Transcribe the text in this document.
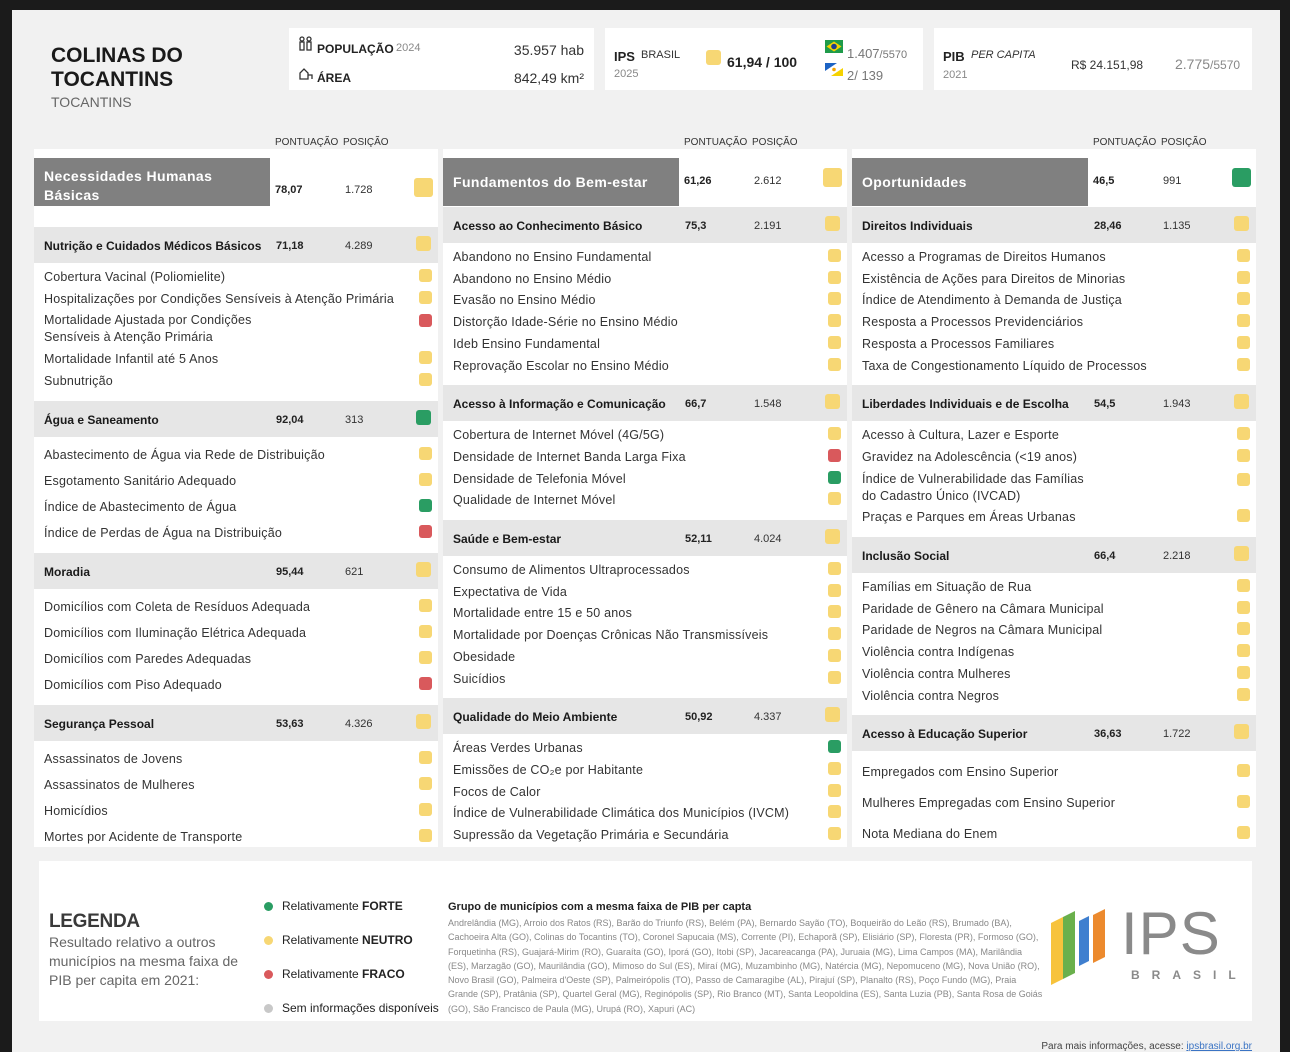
COLINAS DO TOCANTINS
TOCANTINS
POPULAÇÃO 2024	35.957 hab
ÁREA	842,49 km²
IPS BRASIL
2025
61,94 / 100
1.407/5570
2/ 139
PIB PER CAPITA
2021
R$ 24.151,98 2.775/5570
PONTUAÇÃO POSIÇÃO	PONTUAÇÃO POSIÇÃO	PONTUAÇÃO POSIÇÃO
Necessidades Humanas Básicas	78,07	1.728
Nutrição e Cuidados Médicos Básicos 71,18	4.289
Cobertura Vacinal (Poliomielite)
Hospitalizações por Condições Sensíveis à Atenção Primária
Mortalidade Ajustada por Condições Sensíveis à Atenção Primária
Mortalidade Infantil até 5 Anos
Subnutrição
Água e Saneamento	92,04	313
Abastecimento de Água via Rede de Distribuição
Esgotamento Sanitário Adequado
Índice de Abastecimento de Água
Índice de Perdas de Água na Distribuição
Moradia	95,44	621
Domicílios com Coleta de Resíduos Adequada
Domicílios com Iluminação Elétrica Adequada
Domicílios com Paredes Adequadas
Domicílios com Piso Adequado
Segurança Pessoal	53,63	4.326
Assassinatos de Jovens
Assassinatos de Mulheres
Homicídios
Mortes por Acidente de Transporte
Fundamentos do Bem-estar	61,26	2.612
Acesso ao Conhecimento Básico	75,3	2.191
Abandono no Ensino Fundamental
Abandono no Ensino Médio
Evasão no Ensino Médio
Distorção Idade-Série no Ensino Médio
Ideb Ensino Fundamental
Reprovação Escolar no Ensino Médio
Acesso à Informação e Comunicação 66,7	1.548
Cobertura de Internet Móvel (4G/5G)
Densidade de Internet Banda Larga Fixa
Densidade de Telefonia Móvel
Qualidade de Internet Móvel
Saúde e Bem-estar	52,11	4.024
Consumo de Alimentos Ultraprocessados
Expectativa de Vida
Mortalidade entre 15 e 50 anos
Mortalidade por Doenças Crônicas Não Transmissíveis
Obesidade
Suicídios
Qualidade do Meio Ambiente	50,92	4.337
Áreas Verdes Urbanas
Emissões de CO₂e por Habitante
Focos de Calor
Índice de Vulnerabilidade Climática dos Municípios (IVCM)
Supressão da Vegetação Primária e Secundária
Oportunidades	46,5	991
Direitos Individuais	28,46	1.135
Acesso a Programas de Direitos Humanos
Existência de Ações para Direitos de Minorias
Índice de Atendimento à Demanda de Justiça
Resposta a Processos Previdenciários
Resposta a Processos Familiares
Taxa de Congestionamento Líquido de Processos
Liberdades Individuais e de Escolha 54,5	1.943
Acesso à Cultura, Lazer e Esporte
Gravidez na Adolescência (<19 anos)
Índice de Vulnerabilidade das Famílias do Cadastro Único (IVCAD)
Praças e Parques em Áreas Urbanas
Inclusão Social	66,4	2.218
Famílias em Situação de Rua
Paridade de Gênero na Câmara Municipal
Paridade de Negros na Câmara Municipal
Violência contra Indígenas
Violência contra Mulheres
Violência contra Negros
Acesso à Educação Superior	36,63	1.722
Empregados com Ensino Superior
Mulheres Empregadas com Ensino Superior
Nota Mediana do Enem
LEGENDA
Resultado relativo a outros municípios na mesma faixa de PIB per capita em 2021:
Relativamente FORTE
Relativamente NEUTRO
Relativamente FRACO
Sem informações disponíveis
Grupo de municípios com a mesma faixa de PIB per capta
Andrelândia (MG), Arroio dos Ratos (RS), Barão do Triunfo (RS), Belém (PA), Bernardo Sayão (TO), Boqueirão do Leão (RS), Brumado (BA), Cachoeira Alta (GO), Colinas do Tocantins (TO), Coronel Sapucaia (MS), Corrente (PI), Echaporã (SP), Elisiário (SP), Floresta (PR), Formoso (GO), Forquetinha (RS), Guajará-Mirim (RO), Guaraíta (GO), Iporá (GO), Itobi (SP), Jacareacanga (PA), Juruaia (MG), Lima Campos (MA), Marilândia (ES), Marzagão (GO), Maurilândia (GO), Mimoso do Sul (ES), Miraí (MG), Muzambinho (MG), Natércia (MG), Nepomuceno (MG), Nova União (RO), Novo Brasil (GO), Palmeira d'Oeste (SP), Palmeirópolis (TO), Passo de Camaragibe (AL), Pirajuí (SP), Planalto (RS), Poço Fundo (MG), Praia Grande (SP), Pratânia (SP), Quartel Geral (MG), Reginópolis (SP), Rio Branco (MT), Santa Leopoldina (ES), Santa Luzia (PB), Santa Rosa de Goiás (GO), São Francisco de Paula (MG), Urupá (RO), Xapuri (AC)
IPS
BRASIL
Para mais informações, acesse: ipsbrasil.org.br
